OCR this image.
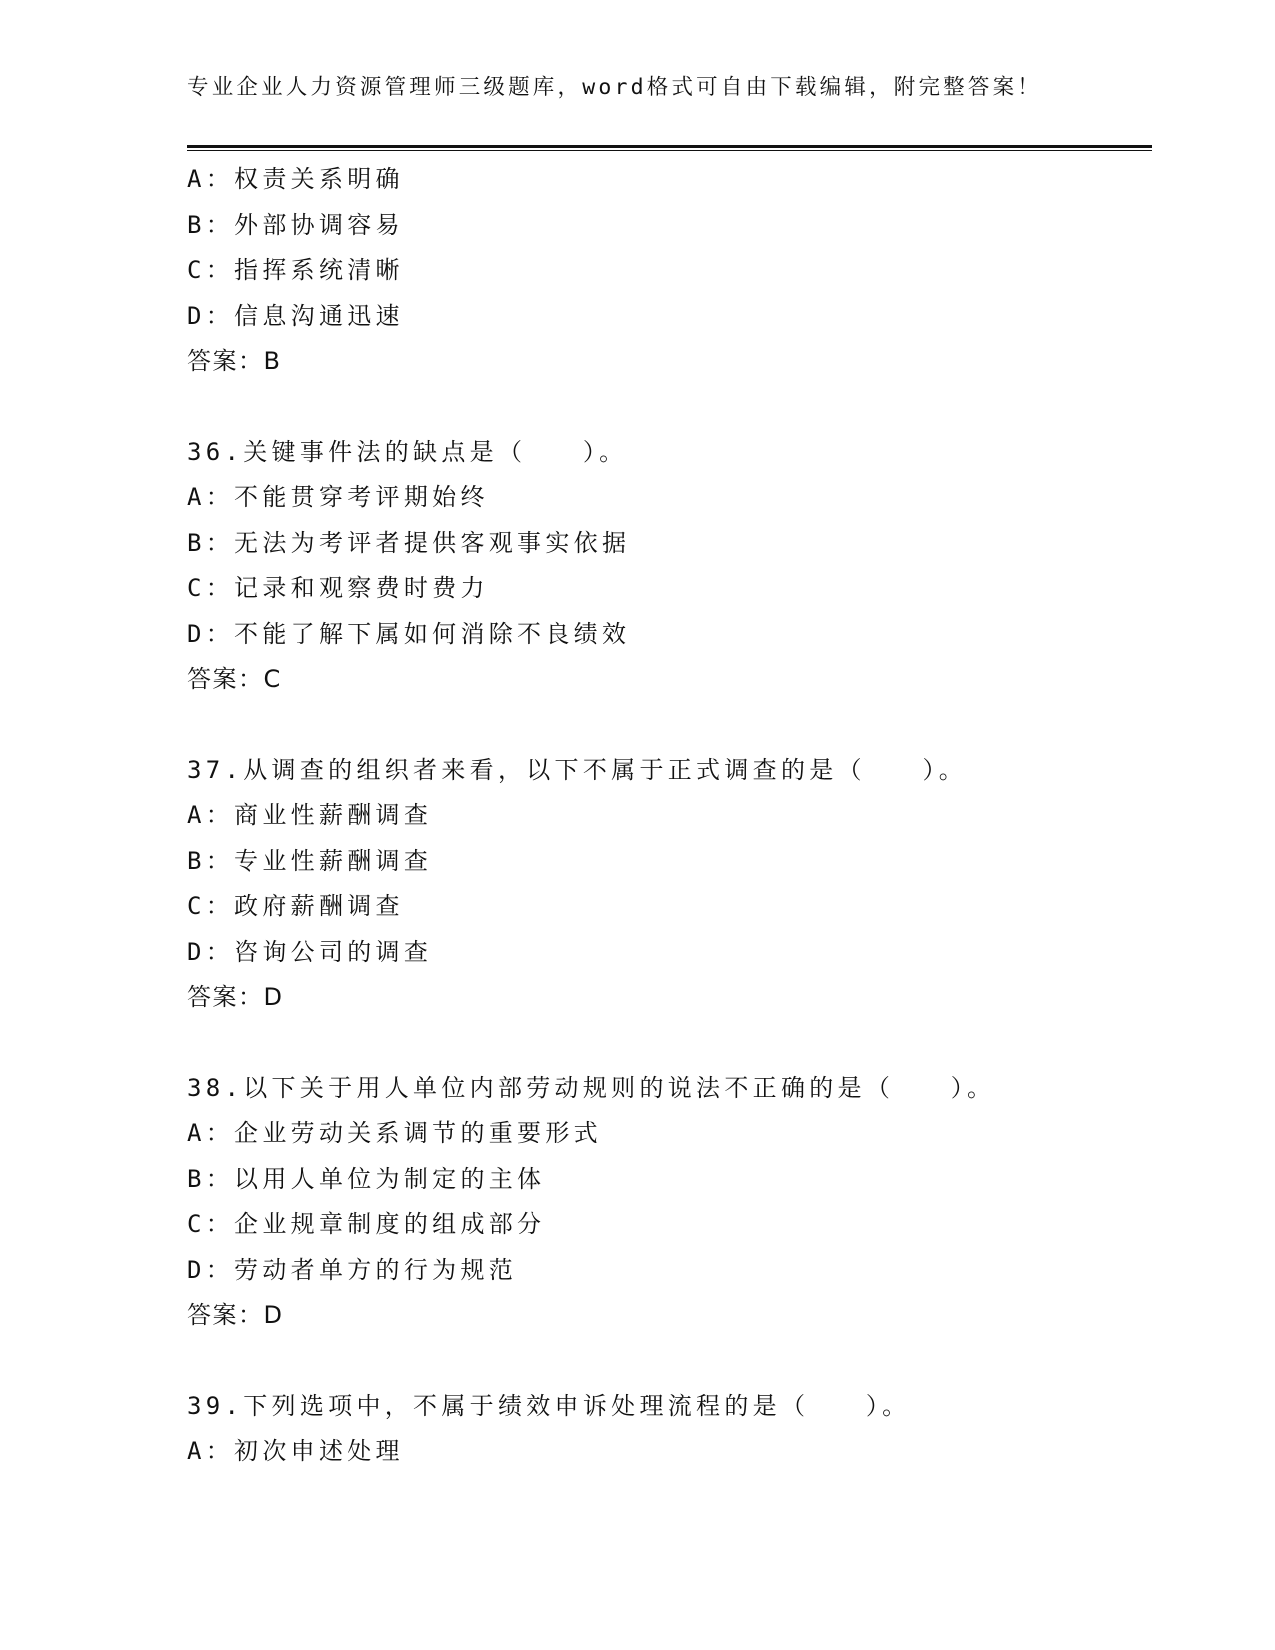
专业企业人力资源管理师三级题库，word格式可自由下载编辑，附完整答案！
A：权责关系明确
B：外部协调容易
C：指挥系统清晰
D：信息沟通迅速
答案：B
36.关键事件法的缺点是（　　）。
A：不能贯穿考评期始终
B：无法为考评者提供客观事实依据
C：记录和观察费时费力
D：不能了解下属如何消除不良绩效
答案：C
37.从调查的组织者来看，以下不属于正式调查的是（　　）。
A：商业性薪酬调查
B：专业性薪酬调查
C：政府薪酬调查
D：咨询公司的调查
答案：D
38.以下关于用人单位内部劳动规则的说法不正确的是（　　）。
A：企业劳动关系调节的重要形式
B：以用人单位为制定的主体
C：企业规章制度的组成部分
D：劳动者单方的行为规范
答案：D
39.下列选项中，不属于绩效申诉处理流程的是（　　）。
A：初次申述处理
